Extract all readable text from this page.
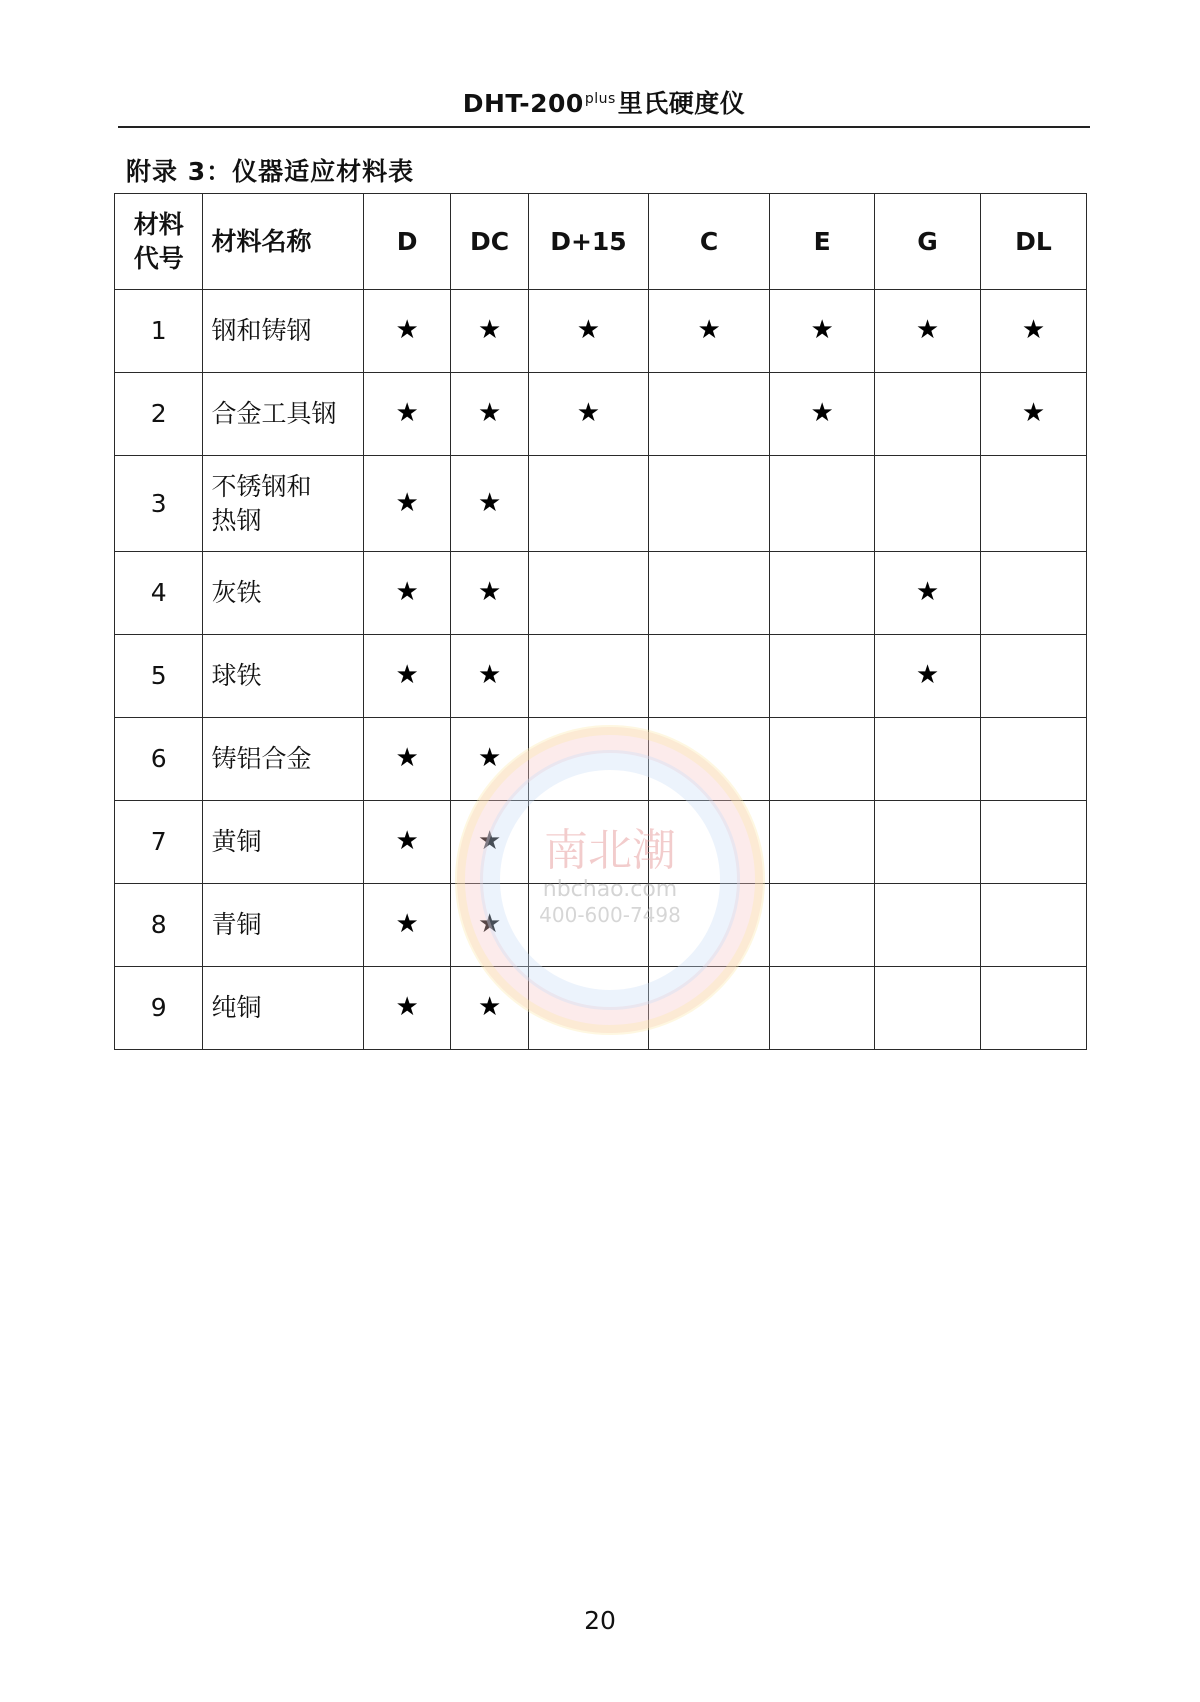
DHT-$200^{plus}$里氏硬度仪
附录 3：仪器适应材料表
材料
代号	材料名称	D	DC	D+15	C	E	G	DL
1	钢和铸钢	★	★	★	★	★	★	★
2	合金工具钢	★	★	★		★		★
3	不锈钢和
热钢	★	★					
4	灰铁	★	★				★	
5	球铁	★	★				★	
6	铸铝合金	★	★					
7	黄铜	★	★					
8	青铜	★	★					
9	纯铜	★	★					
南北潮
nbchao.com
400-600-7498
20
